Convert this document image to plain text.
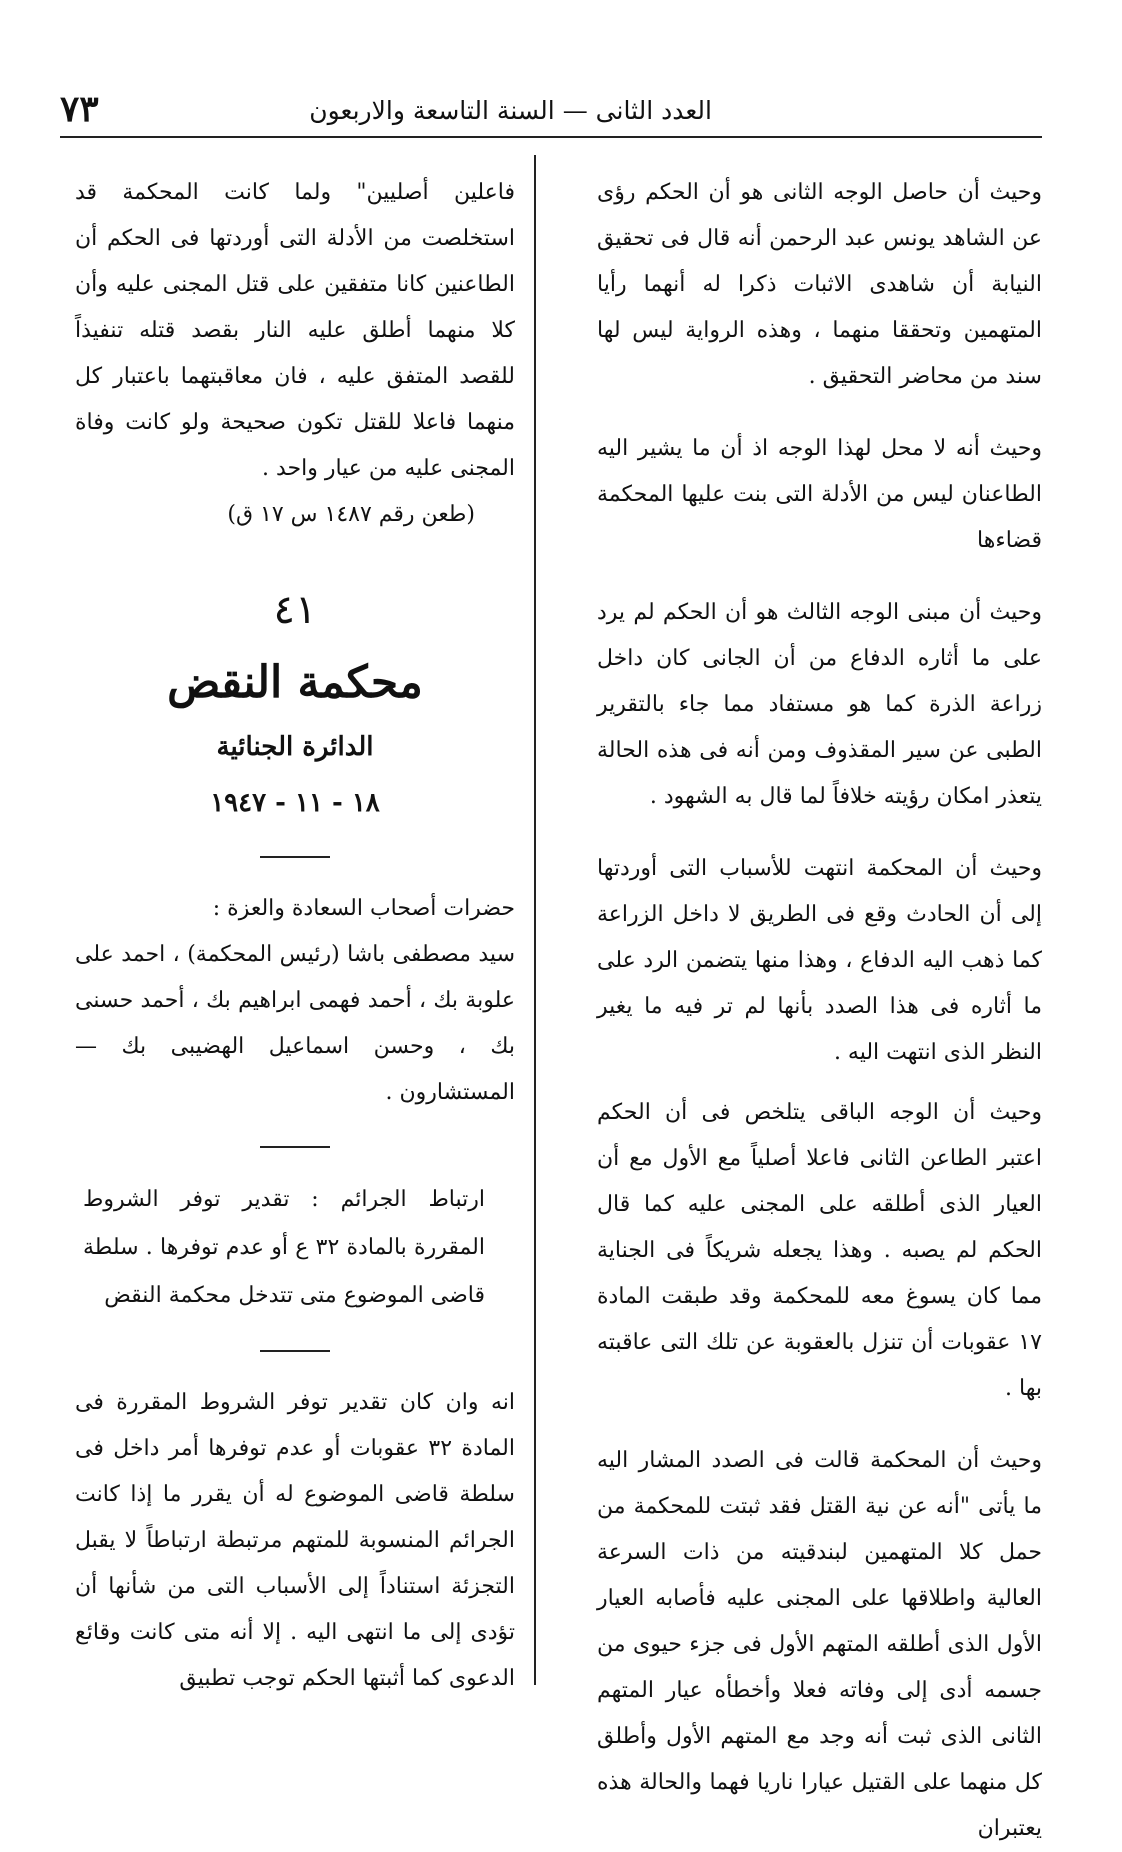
٧٣	العدد الثانى — السنة التاسعة والاربعون

وحيث أن حاصل الوجه الثانى هو أن الحكم رؤى عن الشاهد يونس عبد الرحمن أنه قال فى تحقيق النيابة أن شاهدى الاثبات ذكرا له أنهما رأيا المتهمين وتحققا منهما ، وهذه الرواية ليس لها سند من محاضر التحقيق .

وحيث أنه لا محل لهذا الوجه اذ أن ما يشير اليه الطاعنان ليس من الأدلة التى بنت عليها المحكمة قضاءها

وحيث أن مبنى الوجه الثالث هو أن الحكم لم يرد على ما أثاره الدفاع من أن الجانى كان داخل زراعة الذرة كما هو مستفاد مما جاء بالتقرير الطبى عن سير المقذوف ومن أنه فى هذه الحالة يتعذر امكان رؤيته خلافاً لما قال به الشهود .

وحيث أن المحكمة انتهت للأسباب التى أوردتها إلى أن الحادث وقع فى الطريق لا داخل الزراعة كما ذهب اليه الدفاع ، وهذا منها يتضمن الرد على ما أثاره فى هذا الصدد بأنها لم تر فيه ما يغير النظر الذى انتهت اليه .

وحيث أن الوجه الباقى يتلخص فى أن الحكم اعتبر الطاعن الثانى فاعلا أصلياً مع الأول مع أن العيار الذى أطلقه على المجنى عليه كما قال الحكم لم يصبه . وهذا يجعله شريكاً فى الجناية مما كان يسوغ معه للمحكمة وقد طبقت المادة ١٧ عقوبات أن تنزل بالعقوبة عن تلك التى عاقبته بها .

وحيث أن المحكمة قالت فى الصدد المشار اليه ما يأتى "أنه عن نية القتل فقد ثبتت للمحكمة من حمل كلا المتهمين لبندقيته من ذات السرعة العالية واطلاقها على المجنى عليه فأصابه العيار الأول الذى أطلقه المتهم الأول فى جزء حيوى من جسمه أدى إلى وفاته فعلا وأخطأه عيار المتهم الثانى الذى ثبت أنه وجد مع المتهم الأول وأطلق كل منهما على القتيل عيارا ناريا فهما والحالة هذه يعتبران

فاعلين أصليين" ولما كانت المحكمة قد استخلصت من الأدلة التى أوردتها فى الحكم أن الطاعنين كانا متفقين على قتل المجنى عليه وأن كلا منهما أطلق عليه النار بقصد قتله تنفيذاً للقصد المتفق عليه ، فان معاقبتهما باعتبار كل منهما فاعلا للقتل تكون صحيحة ولو كانت وفاة المجنى عليه من عيار واحد .

(طعن رقم ١٤٨٧ س ١٧ ق)

٤١
محكمة النقض
الدائرة الجنائية
١٨ - ١١ - ١٩٤٧

حضرات أصحاب السعادة والعزة :

سيد مصطفى باشا (رئيس المحكمة) ، احمد على علوبة بك ، أحمد فهمى ابراهيم بك ، أحمد حسنى بك ، وحسن اسماعيل الهضيبى بك — المستشارون .

ارتباط الجرائم : تقدير توفر الشروط المقررة بالمادة ٣٢ ع أو عدم توفرها . سلطة قاضى الموضوع متى تتدخل محكمة النقض

انه وان كان تقدير توفر الشروط المقررة فى المادة ٣٢ عقوبات أو عدم توفرها أمر داخل فى سلطة قاضى الموضوع له أن يقرر ما إذا كانت الجرائم المنسوبة للمتهم مرتبطة ارتباطاً لا يقبل التجزئة استناداً إلى الأسباب التى من شأنها أن تؤدى إلى ما انتهى اليه . إلا أنه متى كانت وقائع الدعوى كما أثبتها الحكم توجب تطبيق
